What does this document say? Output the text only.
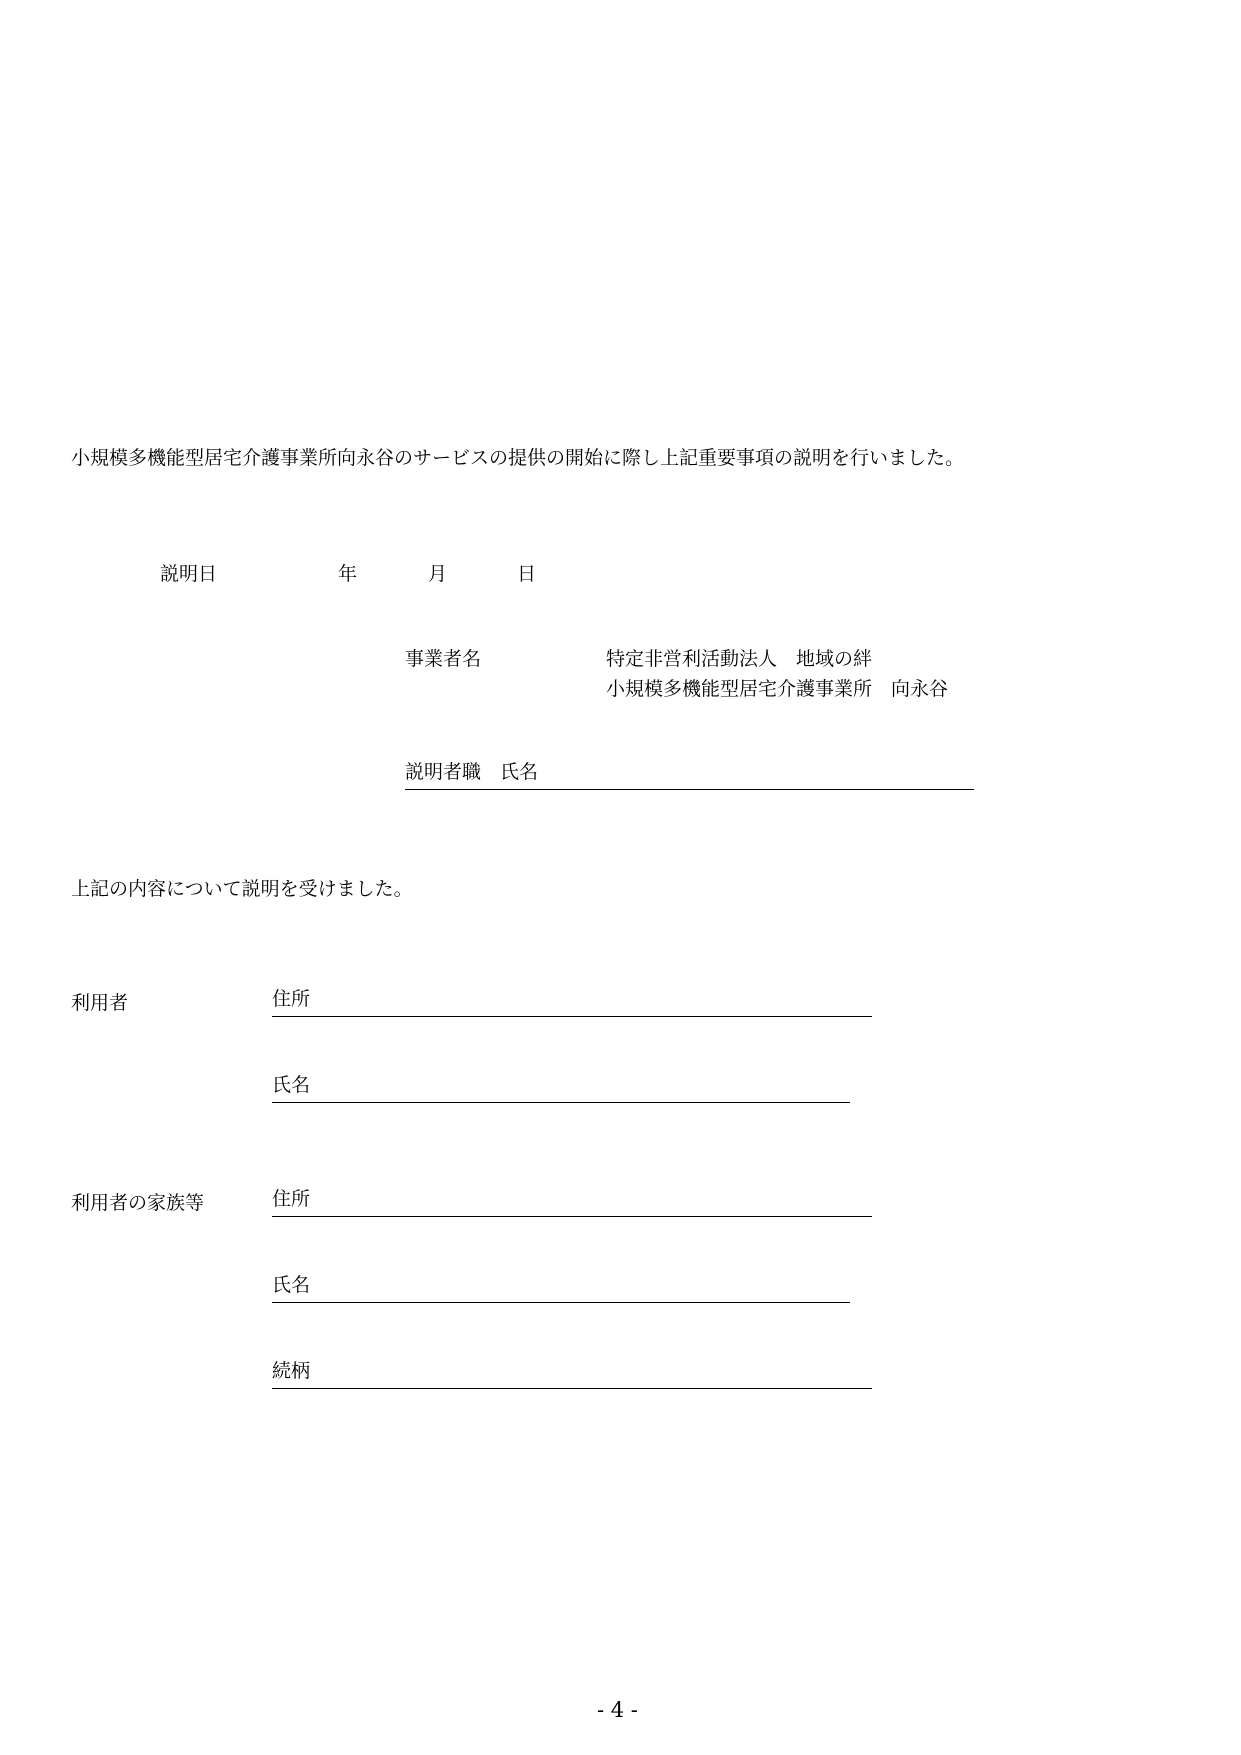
小規模多機能型居宅介護事業所向永谷のサービスの提供の開始に際し上記重要事項の説明を行いました。
説明日	年	月	日
事業者名	特定非営利活動法人　地域の絆
小規模多機能型居宅介護事業所　向永谷
説明者職　氏名
上記の内容について説明を受けました。
利用者	住所
氏名
利用者の家族等	住所
氏名
続柄
- 4 -
